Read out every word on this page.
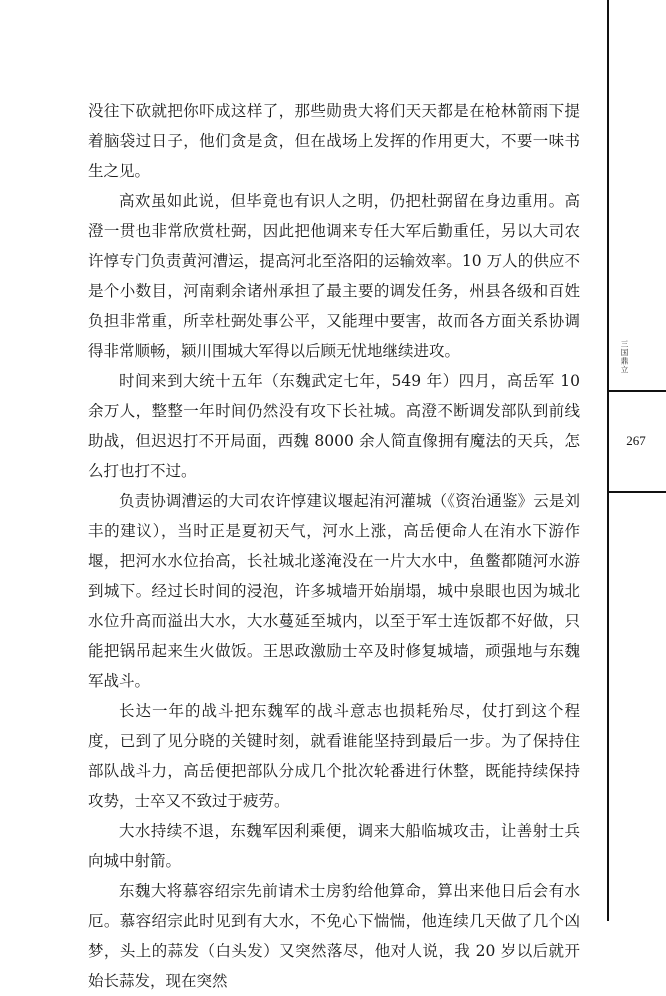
没往下砍就把你吓成这样了，那些勋贵大将们天天都是在枪林箭雨下提着脑袋过日子，他们贪是贪，但在战场上发挥的作用更大，不要一味书生之见。

高欢虽如此说，但毕竟也有识人之明，仍把杜弼留在身边重用。高澄一贯也非常欣赏杜弼，因此把他调来专任大军后勤重任，另以大司农许惇专门负责黄河漕运，提高河北至洛阳的运输效率。10 万人的供应不是个小数目，河南剩余诸州承担了最主要的调发任务，州县各级和百姓负担非常重，所幸杜弼处事公平，又能理中要害，故而各方面关系协调得非常顺畅，颍川围城大军得以后顾无忧地继续进攻。

时间来到大统十五年（东魏武定七年，549 年）四月，高岳军 10 余万人，整整一年时间仍然没有攻下长社城。高澄不断调发部队到前线助战，但迟迟打不开局面，西魏 8000 余人简直像拥有魔法的天兵，怎么打也打不过。

负责协调漕运的大司农许惇建议堰起洧河灌城（《资治通鉴》云是刘丰的建议），当时正是夏初天气，河水上涨，高岳便命人在洧水下游作堰，把河水水位抬高，长社城北遂淹没在一片大水中，鱼鳖都随河水游到城下。经过长时间的浸泡，许多城墙开始崩塌，城中泉眼也因为城北水位升高而溢出大水，大水蔓延至城内，以至于军士连饭都不好做，只能把锅吊起来生火做饭。王思政激励士卒及时修复城墙，顽强地与东魏军战斗。

长达一年的战斗把东魏军的战斗意志也损耗殆尽，仗打到这个程度，已到了见分晓的关键时刻，就看谁能坚持到最后一步。为了保持住部队战斗力，高岳便把部队分成几个批次轮番进行休整，既能持续保持攻势，士卒又不致过于疲劳。

大水持续不退，东魏军因利乘便，调来大船临城攻击，让善射士兵向城中射箭。

东魏大将慕容绍宗先前请术士房豹给他算命，算出来他日后会有水厄。慕容绍宗此时见到有大水，不免心下惴惴，他连续几天做了几个凶梦，头上的蒜发（白头发）又突然落尽，他对人说，我 20 岁以后就开始长蒜发，现在突然

三国鼎立
267
